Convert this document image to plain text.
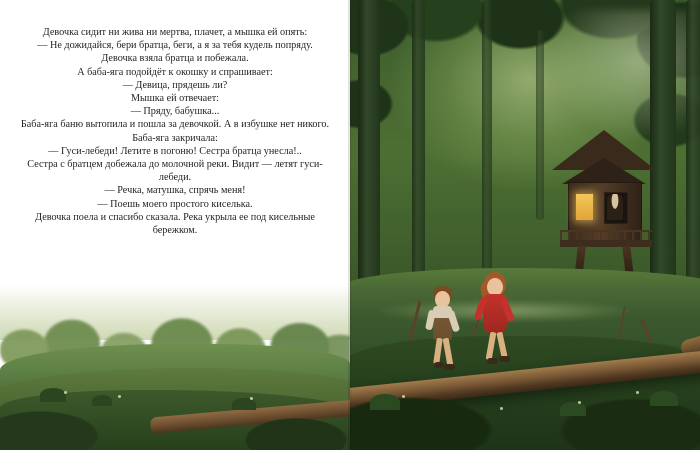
Девочка сидит ни жива ни мертва, плачет, а мышка ей опять:

— Не дожидайся, бери братца, беги, а я за тебя кудель попряду.

Девочка взяла братца и побежала.

А баба-яга подойдёт к окошку и спрашивает:

— Девица, прядешь ли?

Мышка ей отвечает:

— Пряду, бабушка...

Баба-яга баню вытопила и пошла за девочкой. А в избушке нет никого.

Баба-яга закричала:

— Гуси-лебеди! Летите в погоню! Сестра братца унесла!..

Сестра с братцем добежала до молочной реки. Видит — летят гуси-лебеди.

— Речка, матушка, спрячь меня!

— Поешь моего простого киселька.

Девочка поела и спасибо сказала. Река укрыла ее под кисельные бережком.
